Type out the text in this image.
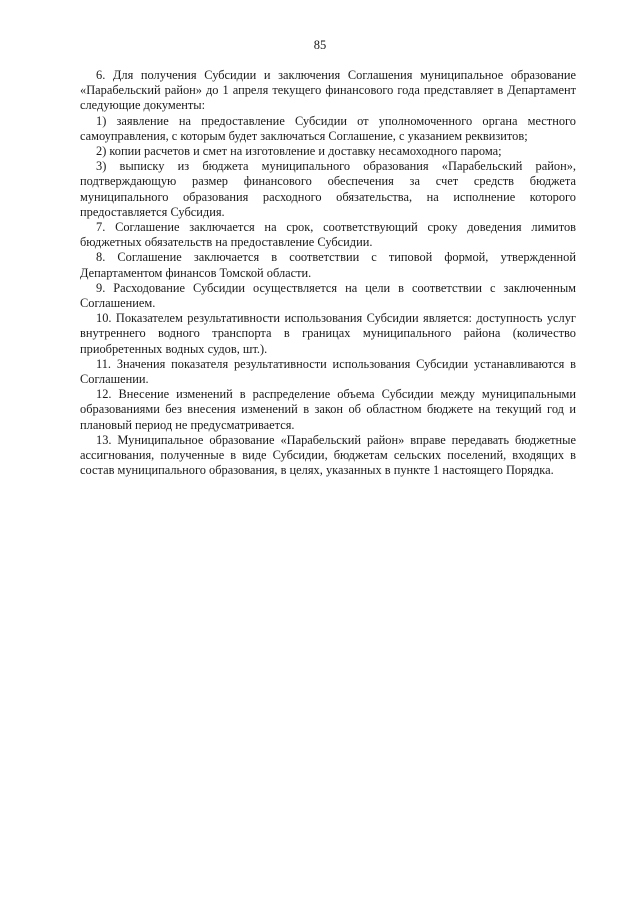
85

6. Для получения Субсидии и заключения Соглашения муниципальное образование «Парабельский район» до 1 апреля текущего финансового года представляет в Департамент следующие документы:

1) заявление на предоставление Субсидии от уполномоченного органа местного самоуправления, с которым будет заключаться Соглашение, с указанием реквизитов;

2) копии расчетов и смет на изготовление и доставку несамоходного парома;

3) выписку из бюджета муниципального образования «Парабельский район», подтверждающую размер финансового обеспечения за счет средств бюджета муниципального образования расходного обязательства, на исполнение которого предоставляется Субсидия.

7. Соглашение заключается на срок, соответствующий сроку доведения лимитов бюджетных обязательств на предоставление Субсидии.

8. Соглашение заключается в соответствии с типовой формой, утвержденной Департаментом финансов Томской области.

9. Расходование Субсидии осуществляется на цели в соответствии с заключенным Соглашением.

10. Показателем результативности использования Субсидии является: доступность услуг внутреннего водного транспорта в границах муниципального района (количество приобретенных водных судов, шт.).

11. Значения показателя результативности использования Субсидии устанавливаются в Соглашении.

12. Внесение изменений в распределение объема Субсидии между муниципальными образованиями без внесения изменений в закон об областном бюджете на текущий год и плановый период не предусматривается.

13. Муниципальное образование «Парабельский район» вправе передавать бюджетные ассигнования, полученные в виде Субсидии, бюджетам сельских поселений, входящих в состав муниципального образования, в целях, указанных в пункте 1 настоящего Порядка.
